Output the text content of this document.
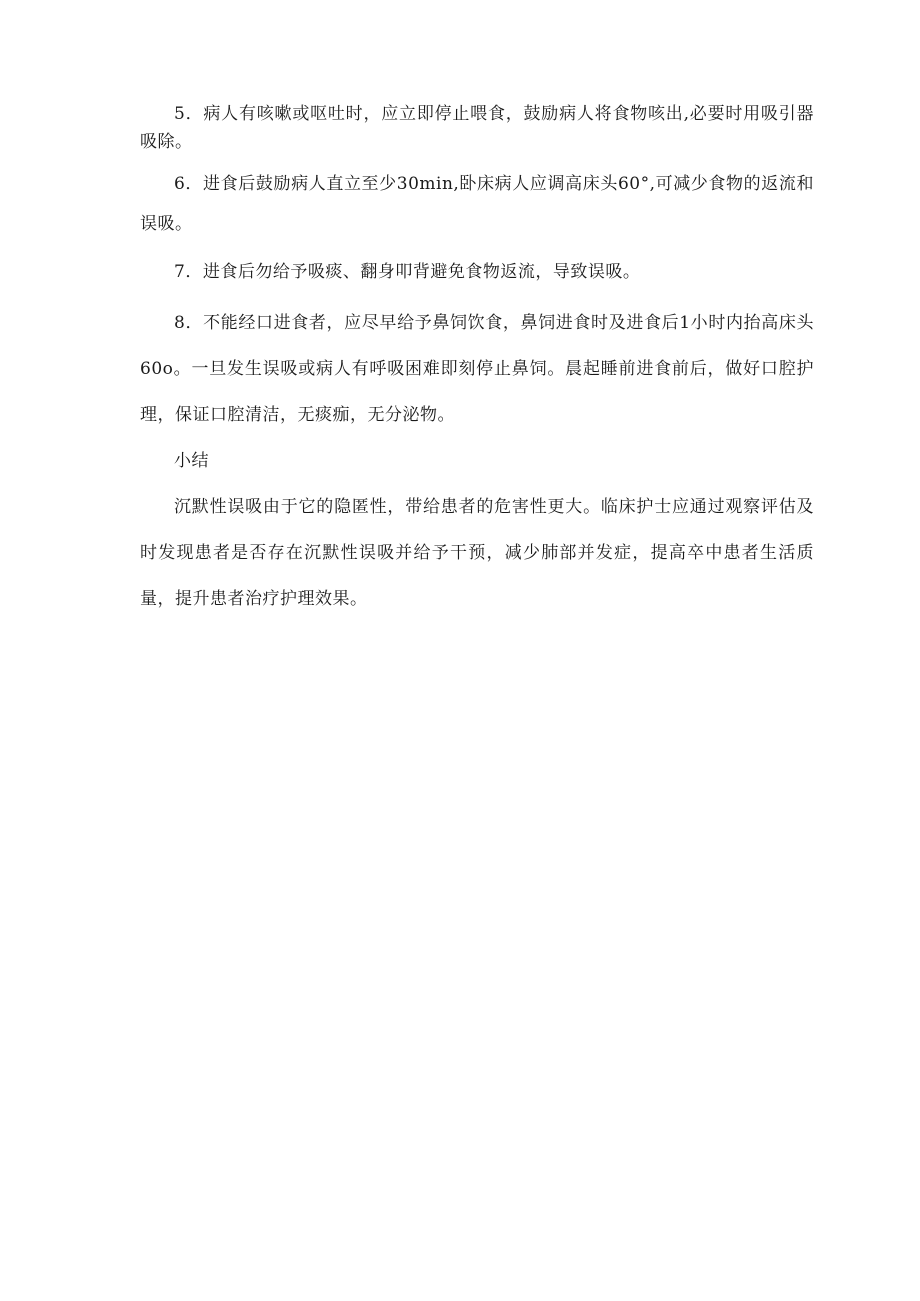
5．病人有咳嗽或呕吐时，应立即停止喂食，鼓励病人将食物咳出,必要时用吸引器吸除。

6．进食后鼓励病人直立至少30min,卧床病人应调高床头60°,可减少食物的返流和误吸。

7．进食后勿给予吸痰、翻身叩背避免食物返流，导致误吸。

8．不能经口进食者，应尽早给予鼻饲饮食，鼻饲进食时及进食后1小时内抬高床头60o。一旦发生误吸或病人有呼吸困难即刻停止鼻饲。晨起睡前进食前后，做好口腔护理，保证口腔清洁，无痰痂，无分泌物。

小结

沉默性误吸由于它的隐匿性，带给患者的危害性更大。临床护士应通过观察评估及时发现患者是否存在沉默性误吸并给予干预，减少肺部并发症，提高卒中患者生活质量，提升患者治疗护理效果。
